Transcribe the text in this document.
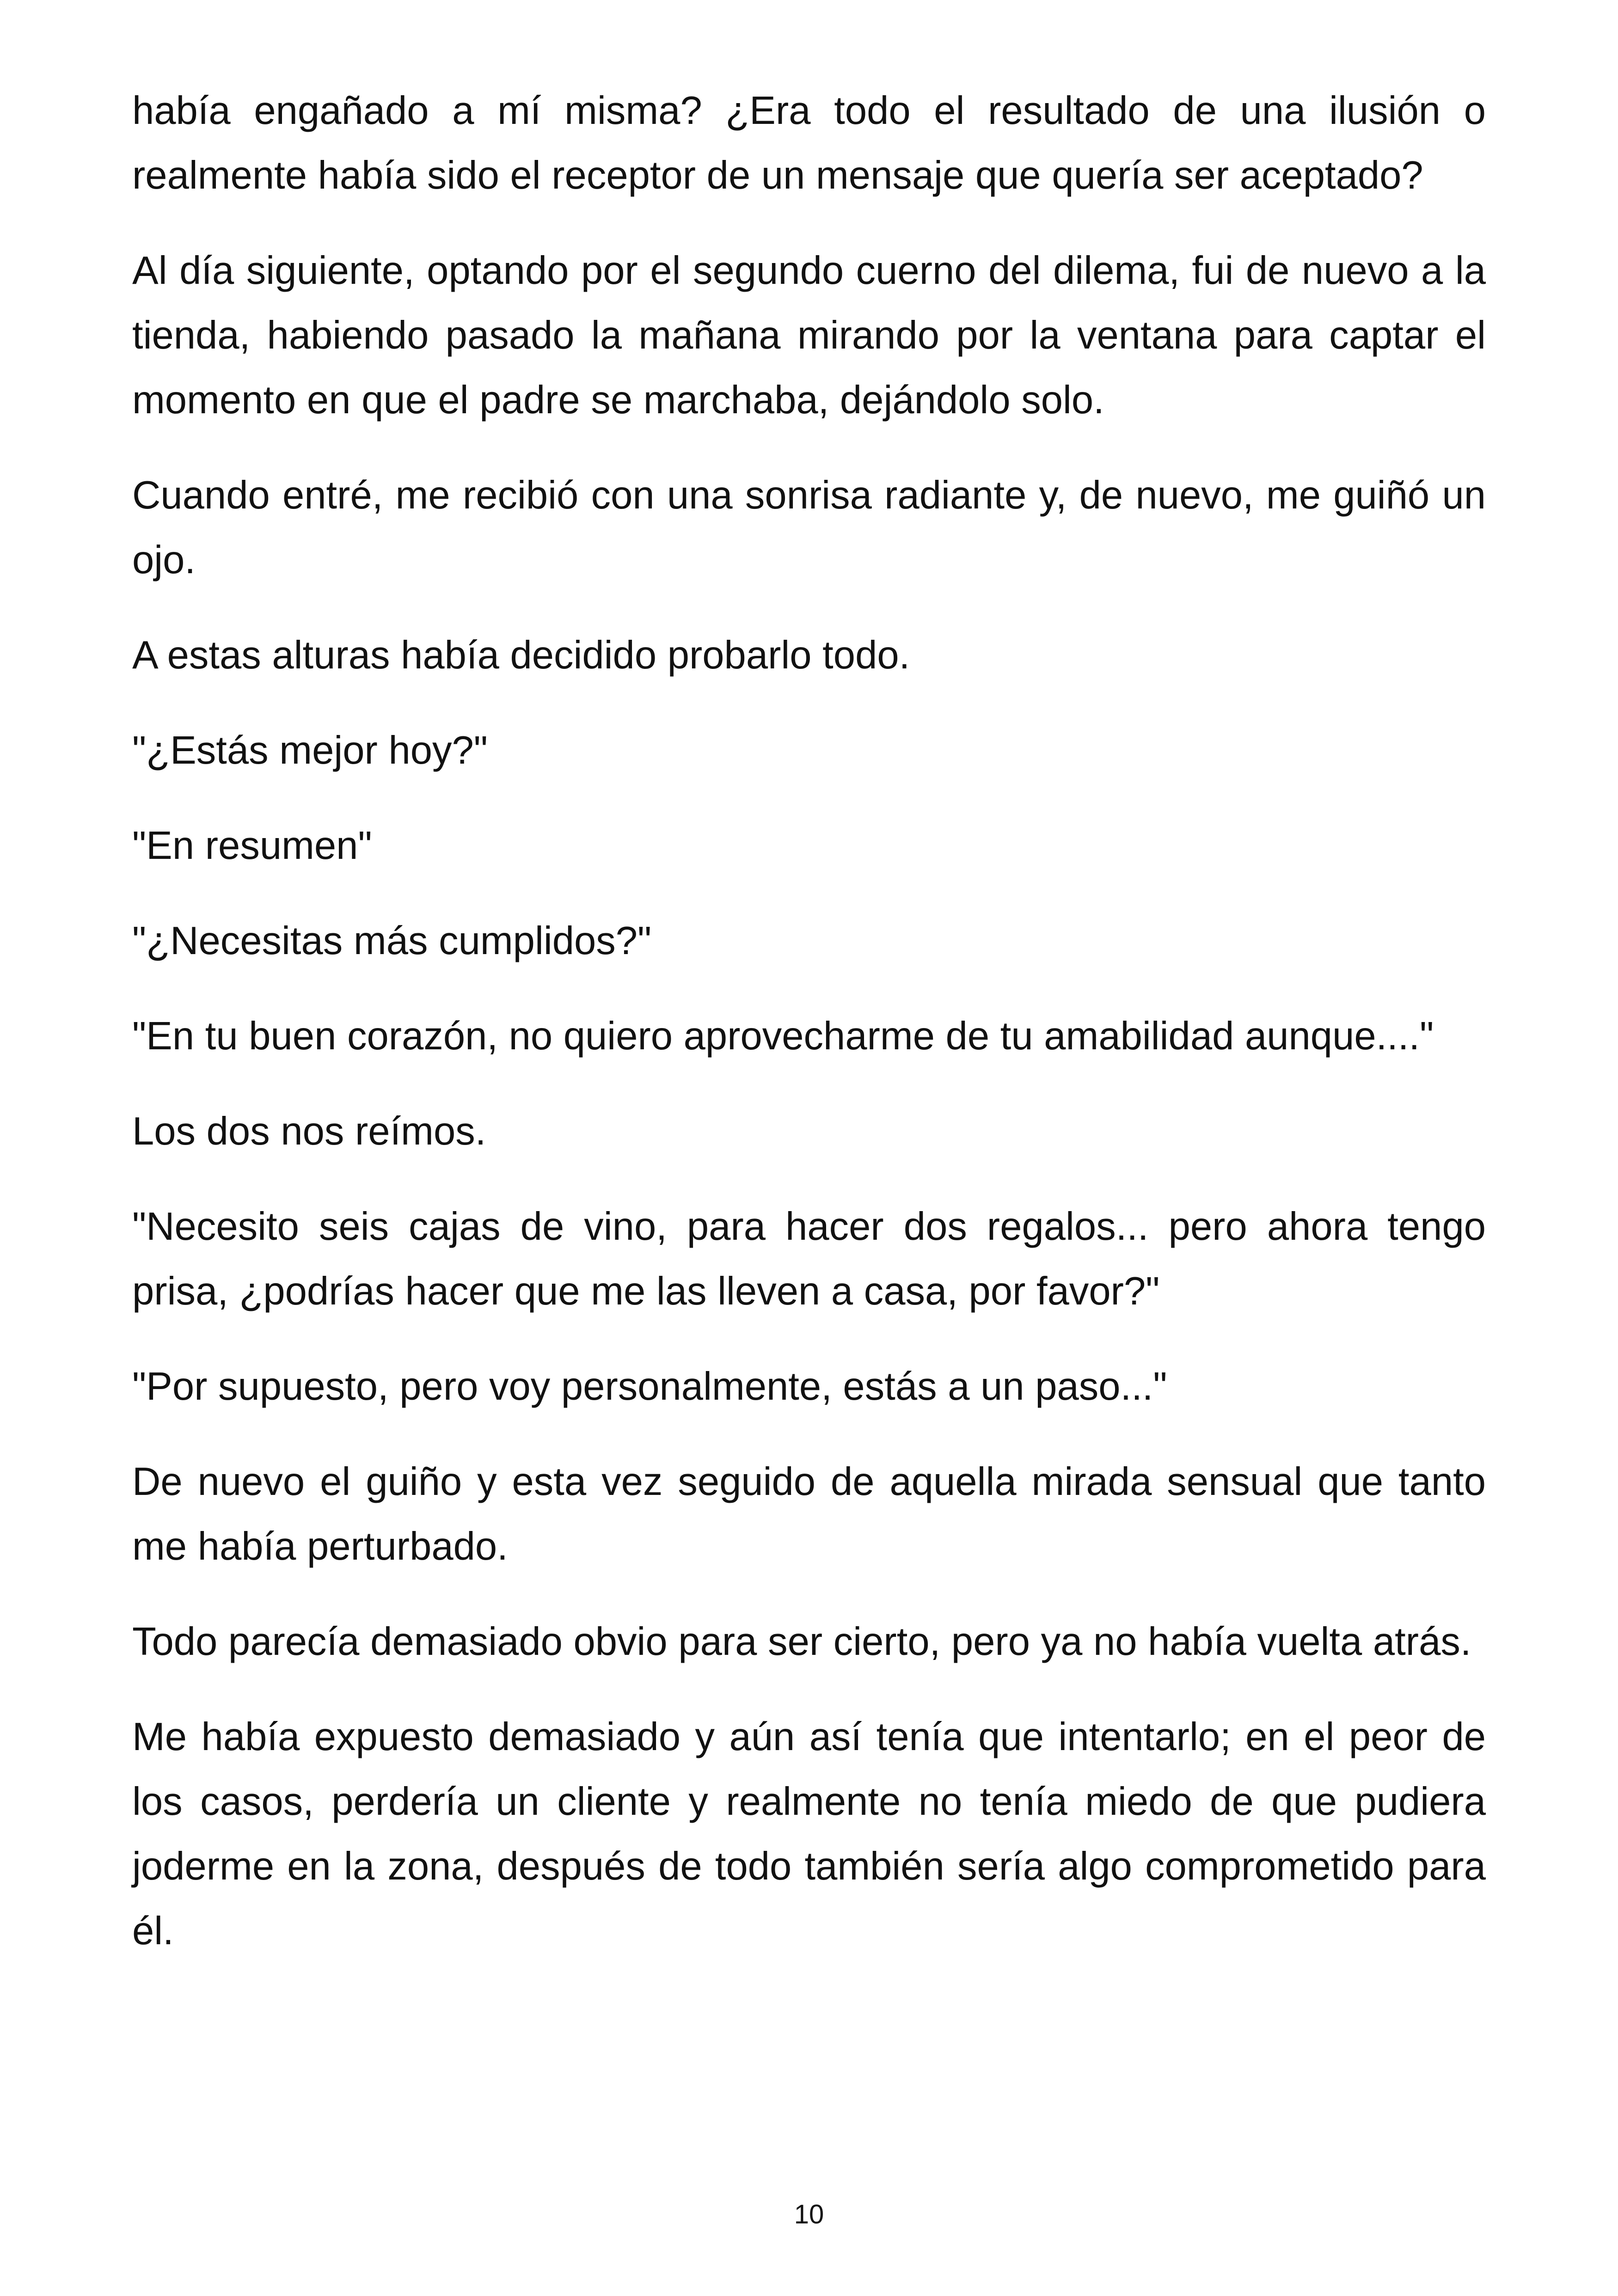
había engañado a mí misma? ¿Era todo el resultado de una ilusión o realmente había sido el receptor de un mensaje que quería ser aceptado?

Al día siguiente, optando por el segundo cuerno del dilema, fui de nuevo a la tienda, habiendo pasado la mañana mirando por la ventana para captar el momento en que el padre se marchaba, dejándolo solo.

Cuando entré, me recibió con una sonrisa radiante y, de nuevo, me guiñó un ojo.

A estas alturas había decidido probarlo todo.

"¿Estás mejor hoy?"

"En resumen"

"¿Necesitas más cumplidos?"

"En tu buen corazón, no quiero aprovecharme de tu amabilidad aunque...."

Los dos nos reímos.

"Necesito seis cajas de vino, para hacer dos regalos... pero ahora tengo prisa, ¿podrías hacer que me las lleven a casa, por favor?"

"Por supuesto, pero voy personalmente, estás a un paso..."

De nuevo el guiño y esta vez seguido de aquella mirada sensual que tanto me había perturbado.

Todo parecía demasiado obvio para ser cierto, pero ya no había vuelta atrás.

Me había expuesto demasiado y aún así tenía que intentarlo; en el peor de los casos, perdería un cliente y realmente no tenía miedo de que pudiera joderme en la zona, después de todo también sería algo comprometido para él.

10
